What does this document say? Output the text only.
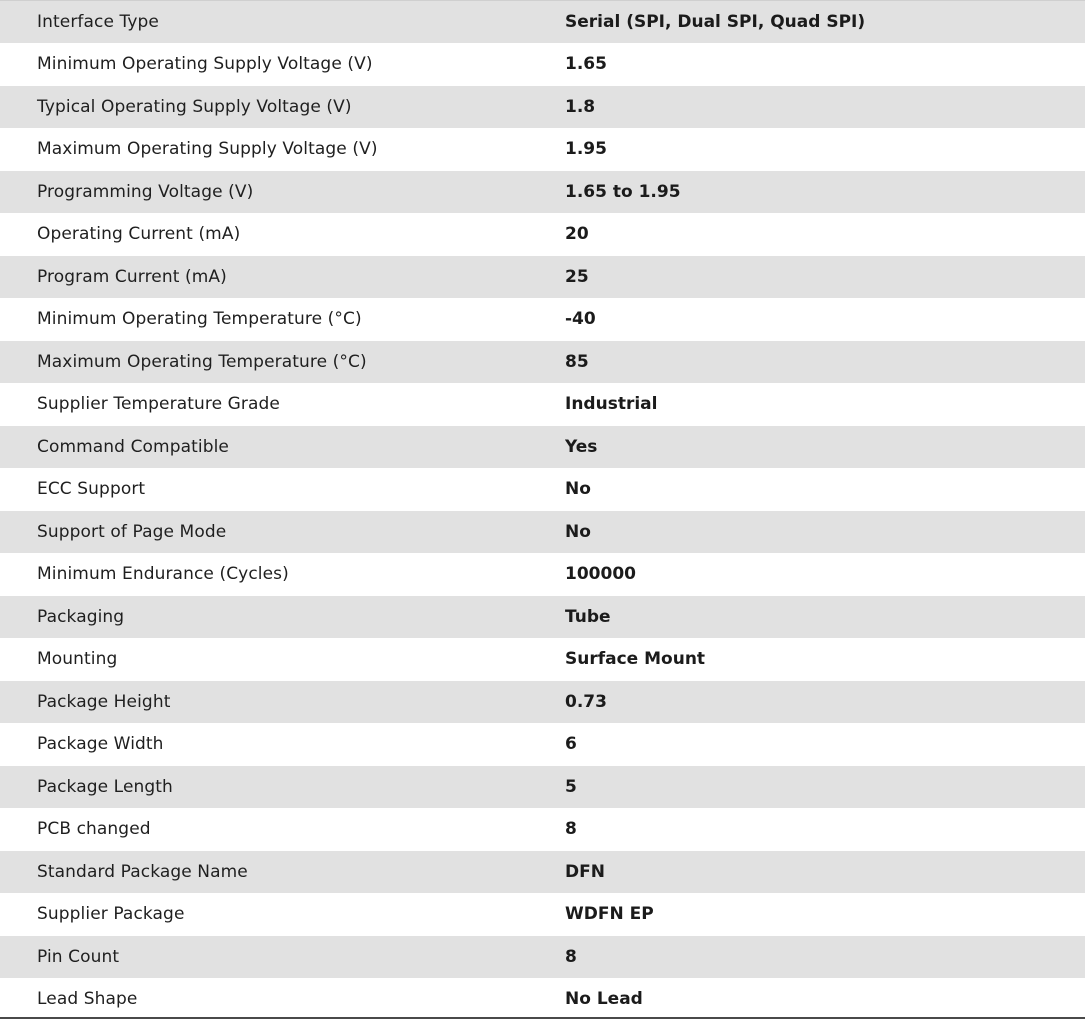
Interface Type	Serial (SPI, Dual SPI, Quad SPI)
Minimum Operating Supply Voltage (V)	1.65
Typical Operating Supply Voltage (V)	1.8
Maximum Operating Supply Voltage (V)	1.95
Programming Voltage (V)	1.65 to 1.95
Operating Current (mA)	20
Program Current (mA)	25
Minimum Operating Temperature (°C)	-40
Maximum Operating Temperature (°C)	85
Supplier Temperature Grade	Industrial
Command Compatible	Yes
ECC Support	No
Support of Page Mode	No
Minimum Endurance (Cycles)	100000
Packaging	Tube
Mounting	Surface Mount
Package Height	0.73
Package Width	6
Package Length	5
PCB changed	8
Standard Package Name	DFN
Supplier Package	WDFN EP
Pin Count	8
Lead Shape	No Lead
